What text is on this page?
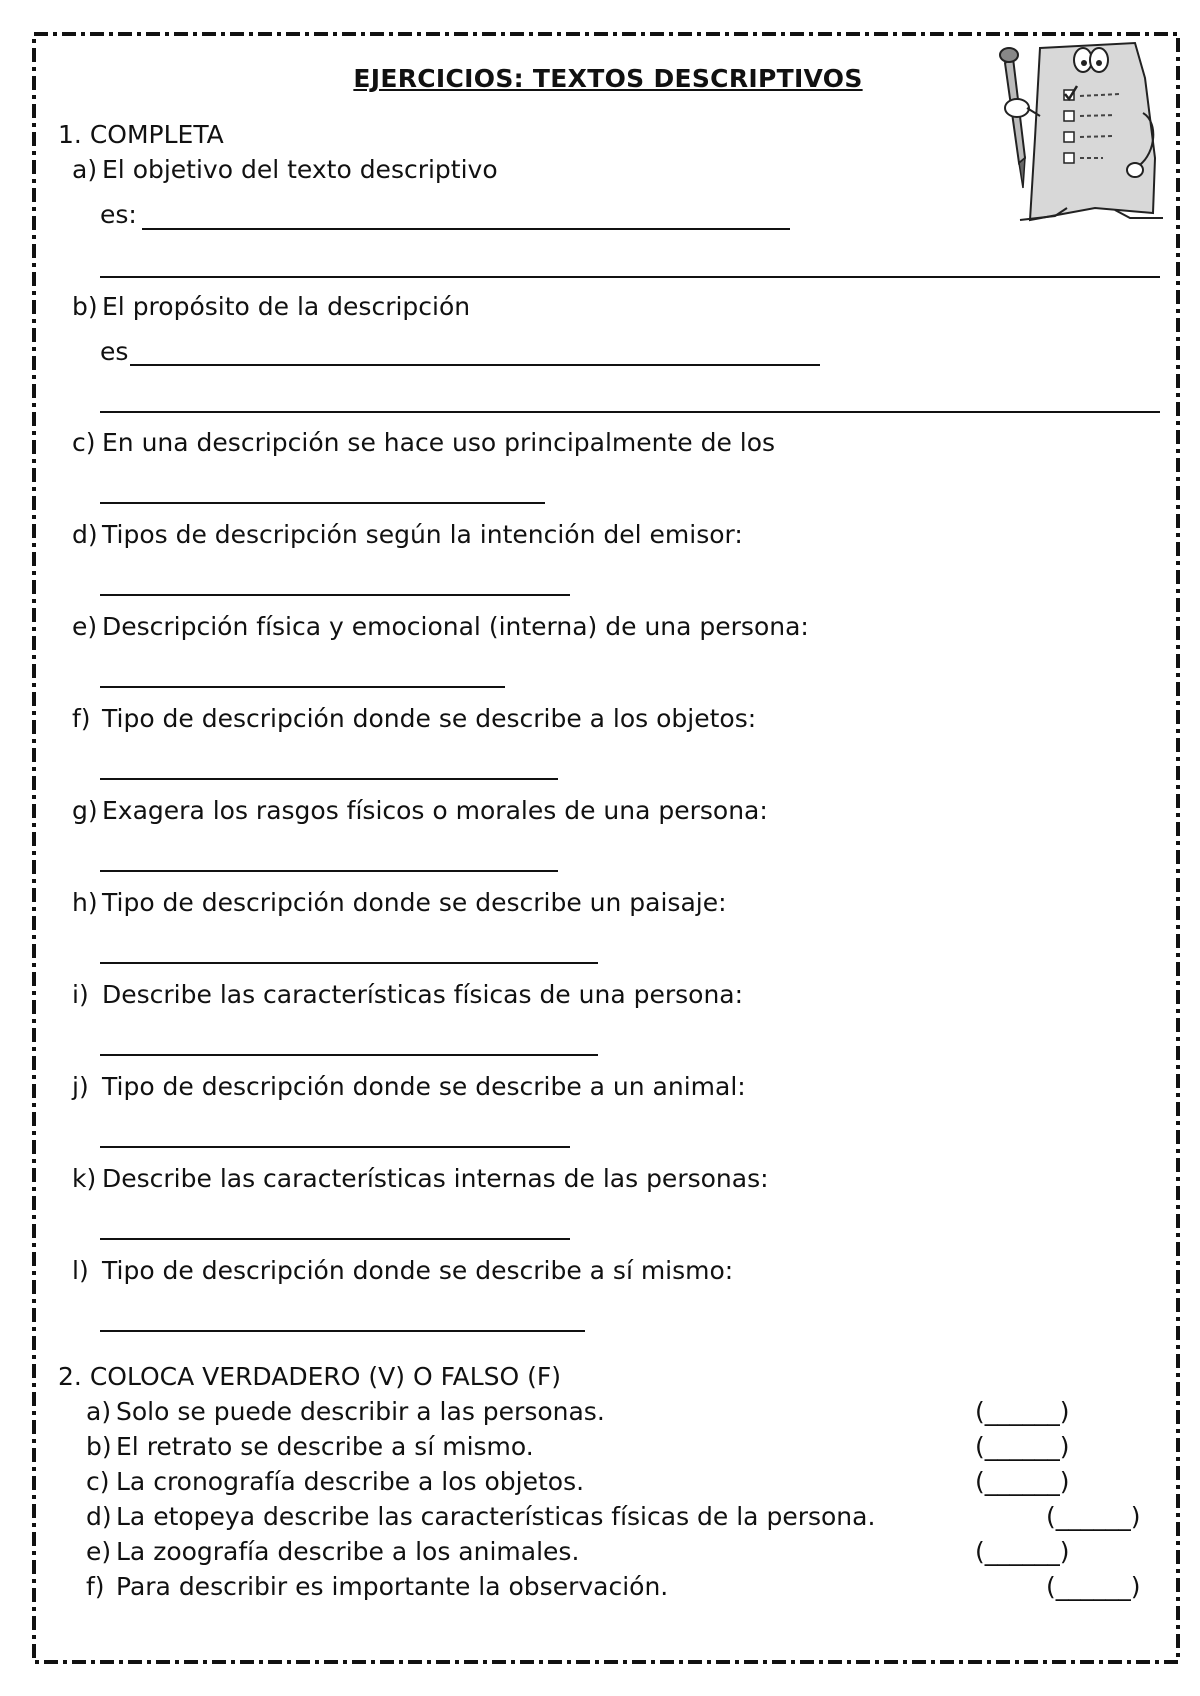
EJERCICIOS: TEXTOS DESCRIPTIVOS
1. COMPLETA
a) El objetivo del texto descriptivo
es:
b) El propósito de la descripción
es
c) En una descripción se hace uso principalmente de los
d) Tipos de descripción según la intención del emisor:
e) Descripción física y emocional (interna) de una persona:
f) Tipo de descripción donde se describe a los objetos:
g) Exagera los rasgos físicos o morales de una persona:
h) Tipo de descripción donde se describe un paisaje:
i) Describe las características físicas de una persona:
j) Tipo de descripción donde se describe a un animal:
k) Describe las características internas de las personas:
l) Tipo de descripción donde se describe a sí mismo:
2. COLOCA VERDADERO (V) O FALSO (F)
a) Solo se puede describir a las personas.	(______)
b) El retrato se describe a sí mismo.	(______)
c) La cronografía describe a los objetos.	(______)
d) La etopeya describe las características físicas de la persona.	(______)
e) La zoografía describe a los animales.	(______)
f) Para describir es importante la observación.	(______)
